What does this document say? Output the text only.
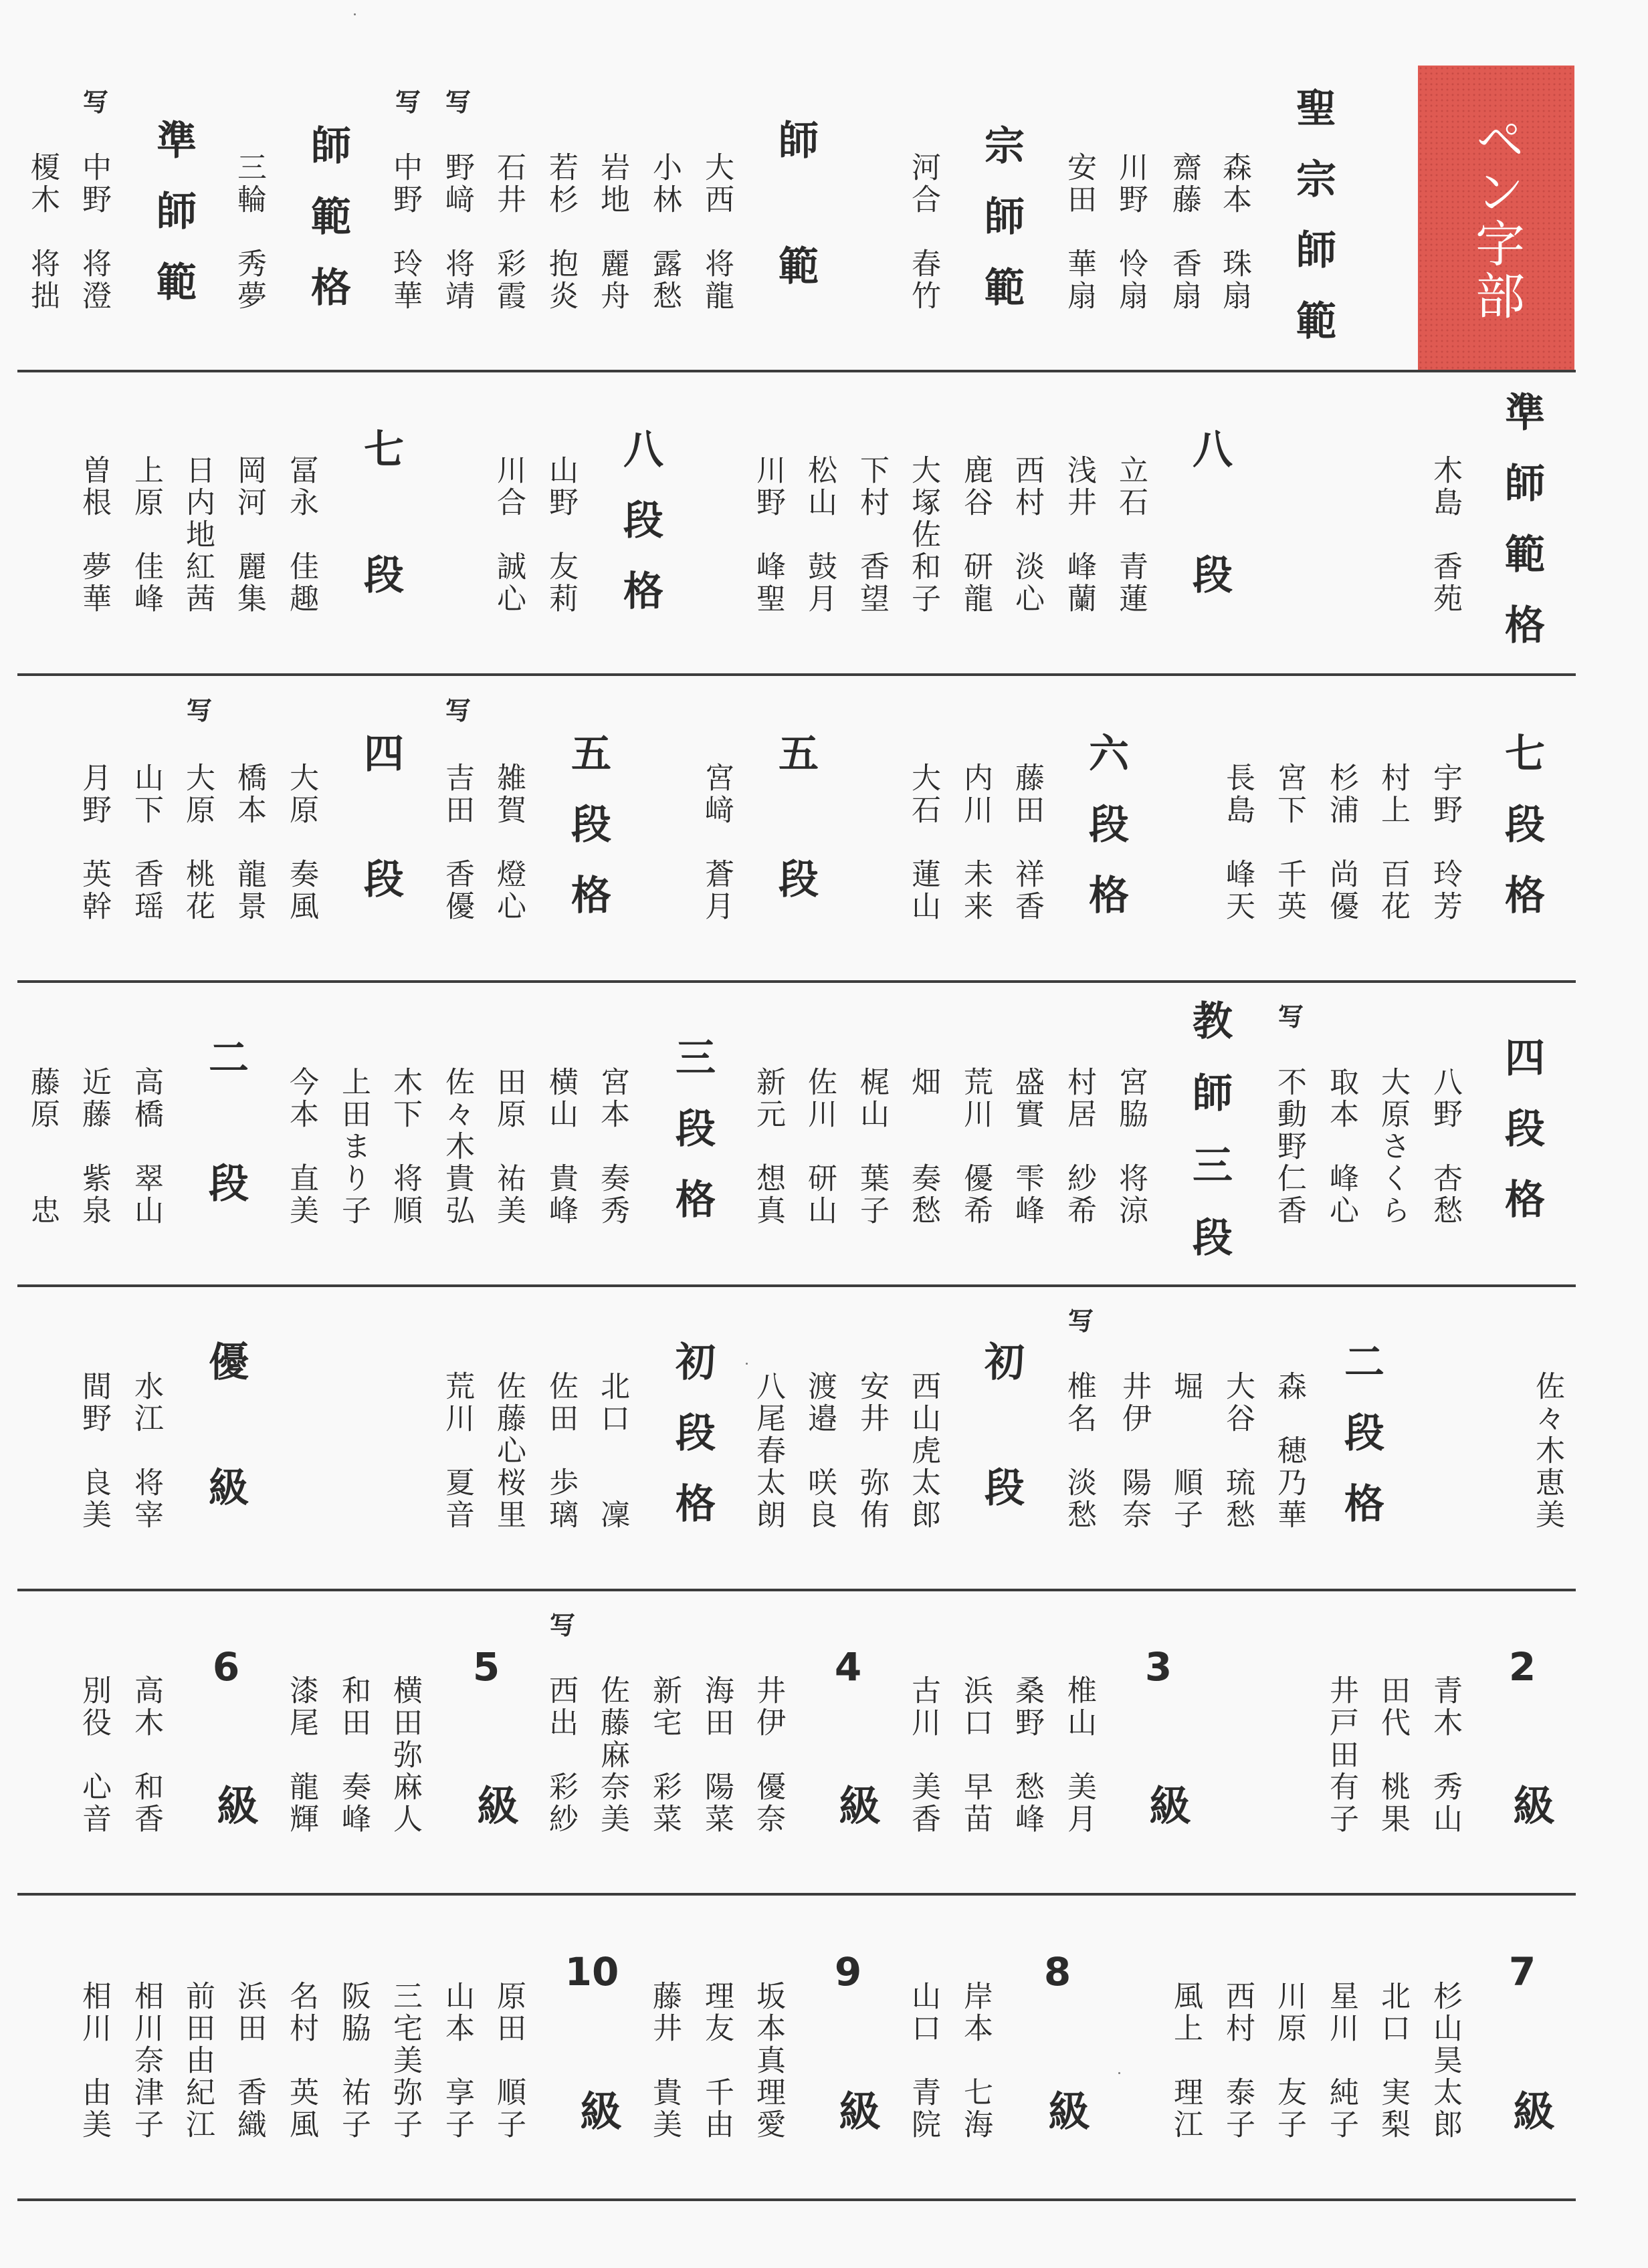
ペン字部
聖宗師範
森本　珠扇
齋藤　香扇
川野　怜扇
安田　華扇
宗師範
河合　春竹
師範
大西　将龍
小林　露愁
岩地　麗舟
若杉　抱炎
石井　彩霞
野﨑　将靖
中野　玲華
写
写
師範格
三輪　秀夢
準師範
中野　将澄
榎木　将拙
写
準師範格
木島　香苑
八段
立石　青蓮
浅井　峰蘭
西村　淡心
鹿谷　研龍
大塚佐和子
下村　香望
松山　鼓月
川野　峰聖
八段格
山野　友莉
川合　誠心
七段
冨永　佳趣
岡河　麗集
日内地紅茜
上原　佳峰
曽根　夢華
七段格
宇野　玲芳
村上　百花
杉浦　尚優
宮下　千英
長島　峰天
六段格
藤田　祥香
内川　未来
大石　蓮山
五段
宮﨑　蒼月
五段格
雑賀　燈心
吉田　香優
写
四段
大原　奏風
橋本　龍景
大原　桃花
山下　香瑶
月野　英幹
写
四段格
八野　杏愁
大原さくら
取本　峰心
不動野仁香
写
教師三段
宮脇　将涼
村居　紗希
盛實　雫峰
荒川　優希
畑　　奏愁
梶山　葉子
佐川　研山
新元　想真
三段格
宮本　奏秀
横山　貴峰
田原　祐美
佐々木貴弘
木下　将順
上田まり子
今本　直美
二段
高橋　翠山
近藤　紫泉
藤原　　忠
佐々木恵美
二段格
森　穂乃華
大谷　琉愁
堀　　順子
井伊　陽奈
椎名　淡愁
写
初段
西山虎太郎
安井　弥侑
渡邉　咲良
八尾春太朗
初段格
北口　　凜
佐田　歩璃
佐藤心桜里
荒川　夏音
優級
水江　将宰
間野　良美
2
級
青木　秀山
田代　桃果
井戸田有子
3
級
椎山　美月
桑野　愁峰
浜口　早苗
古川　美香
4
級
井伊　優奈
海田　陽菜
新宅　彩菜
佐藤麻奈美
西出　彩紗
写
5
級
横田弥麻人
和田　奏峰
漆尾　龍輝
6
級
高木　和香
別役　心音
7
級
杉山昊太郎
北口　実梨
星川　純子
川原　友子
西村　泰子
風上　理江
8
級
岸本　七海
山口　青院
9
級
坂本真理愛
理友　千由
藤井　貴美
10
級
原田　順子
山本　享子
三宅美弥子
阪脇　祐子
名村　英風
浜田　香織
前田由紀江
相川奈津子
相川　由美
